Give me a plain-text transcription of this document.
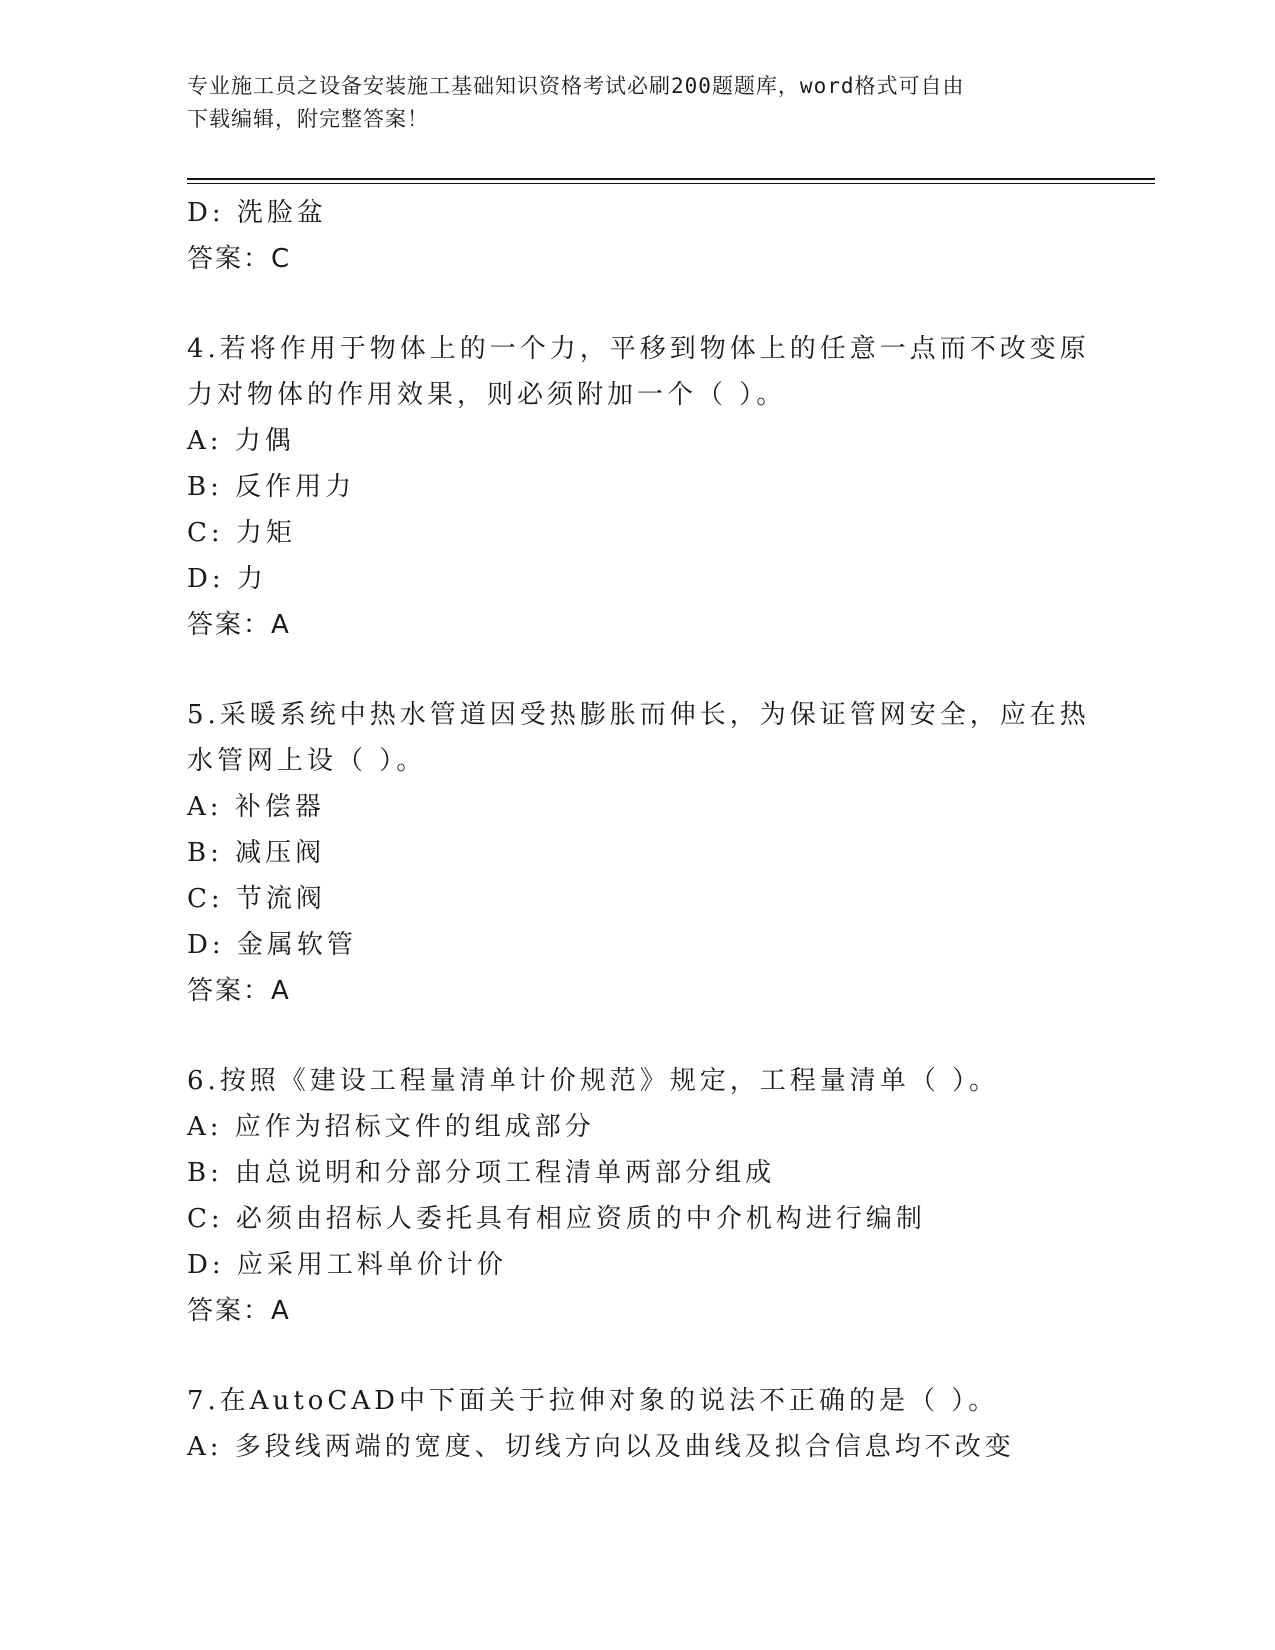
专业施工员之设备安装施工基础知识资格考试必刷200题题库，word格式可自由
下载编辑，附完整答案！
D: 洗脸盆
答案：C
4.若将作用于物体上的一个力，平移到物体上的任意一点而不改变原
力对物体的作用效果，则必须附加一个（ ）。
A: 力偶
B: 反作用力
C: 力矩
D: 力
答案：A
5.采暖系统中热水管道因受热膨胀而伸长，为保证管网安全，应在热
水管网上设（ ）。
A: 补偿器
B: 减压阀
C: 节流阀
D: 金属软管
答案：A
6.按照《建设工程量清单计价规范》规定，工程量清单（ ）。
A: 应作为招标文件的组成部分
B: 由总说明和分部分项工程清单两部分组成
C: 必须由招标人委托具有相应资质的中介机构进行编制
D: 应采用工料单价计价
答案：A
7.在AutoCAD中下面关于拉伸对象的说法不正确的是（ ）。
A: 多段线两端的宽度、切线方向以及曲线及拟合信息均不改变
